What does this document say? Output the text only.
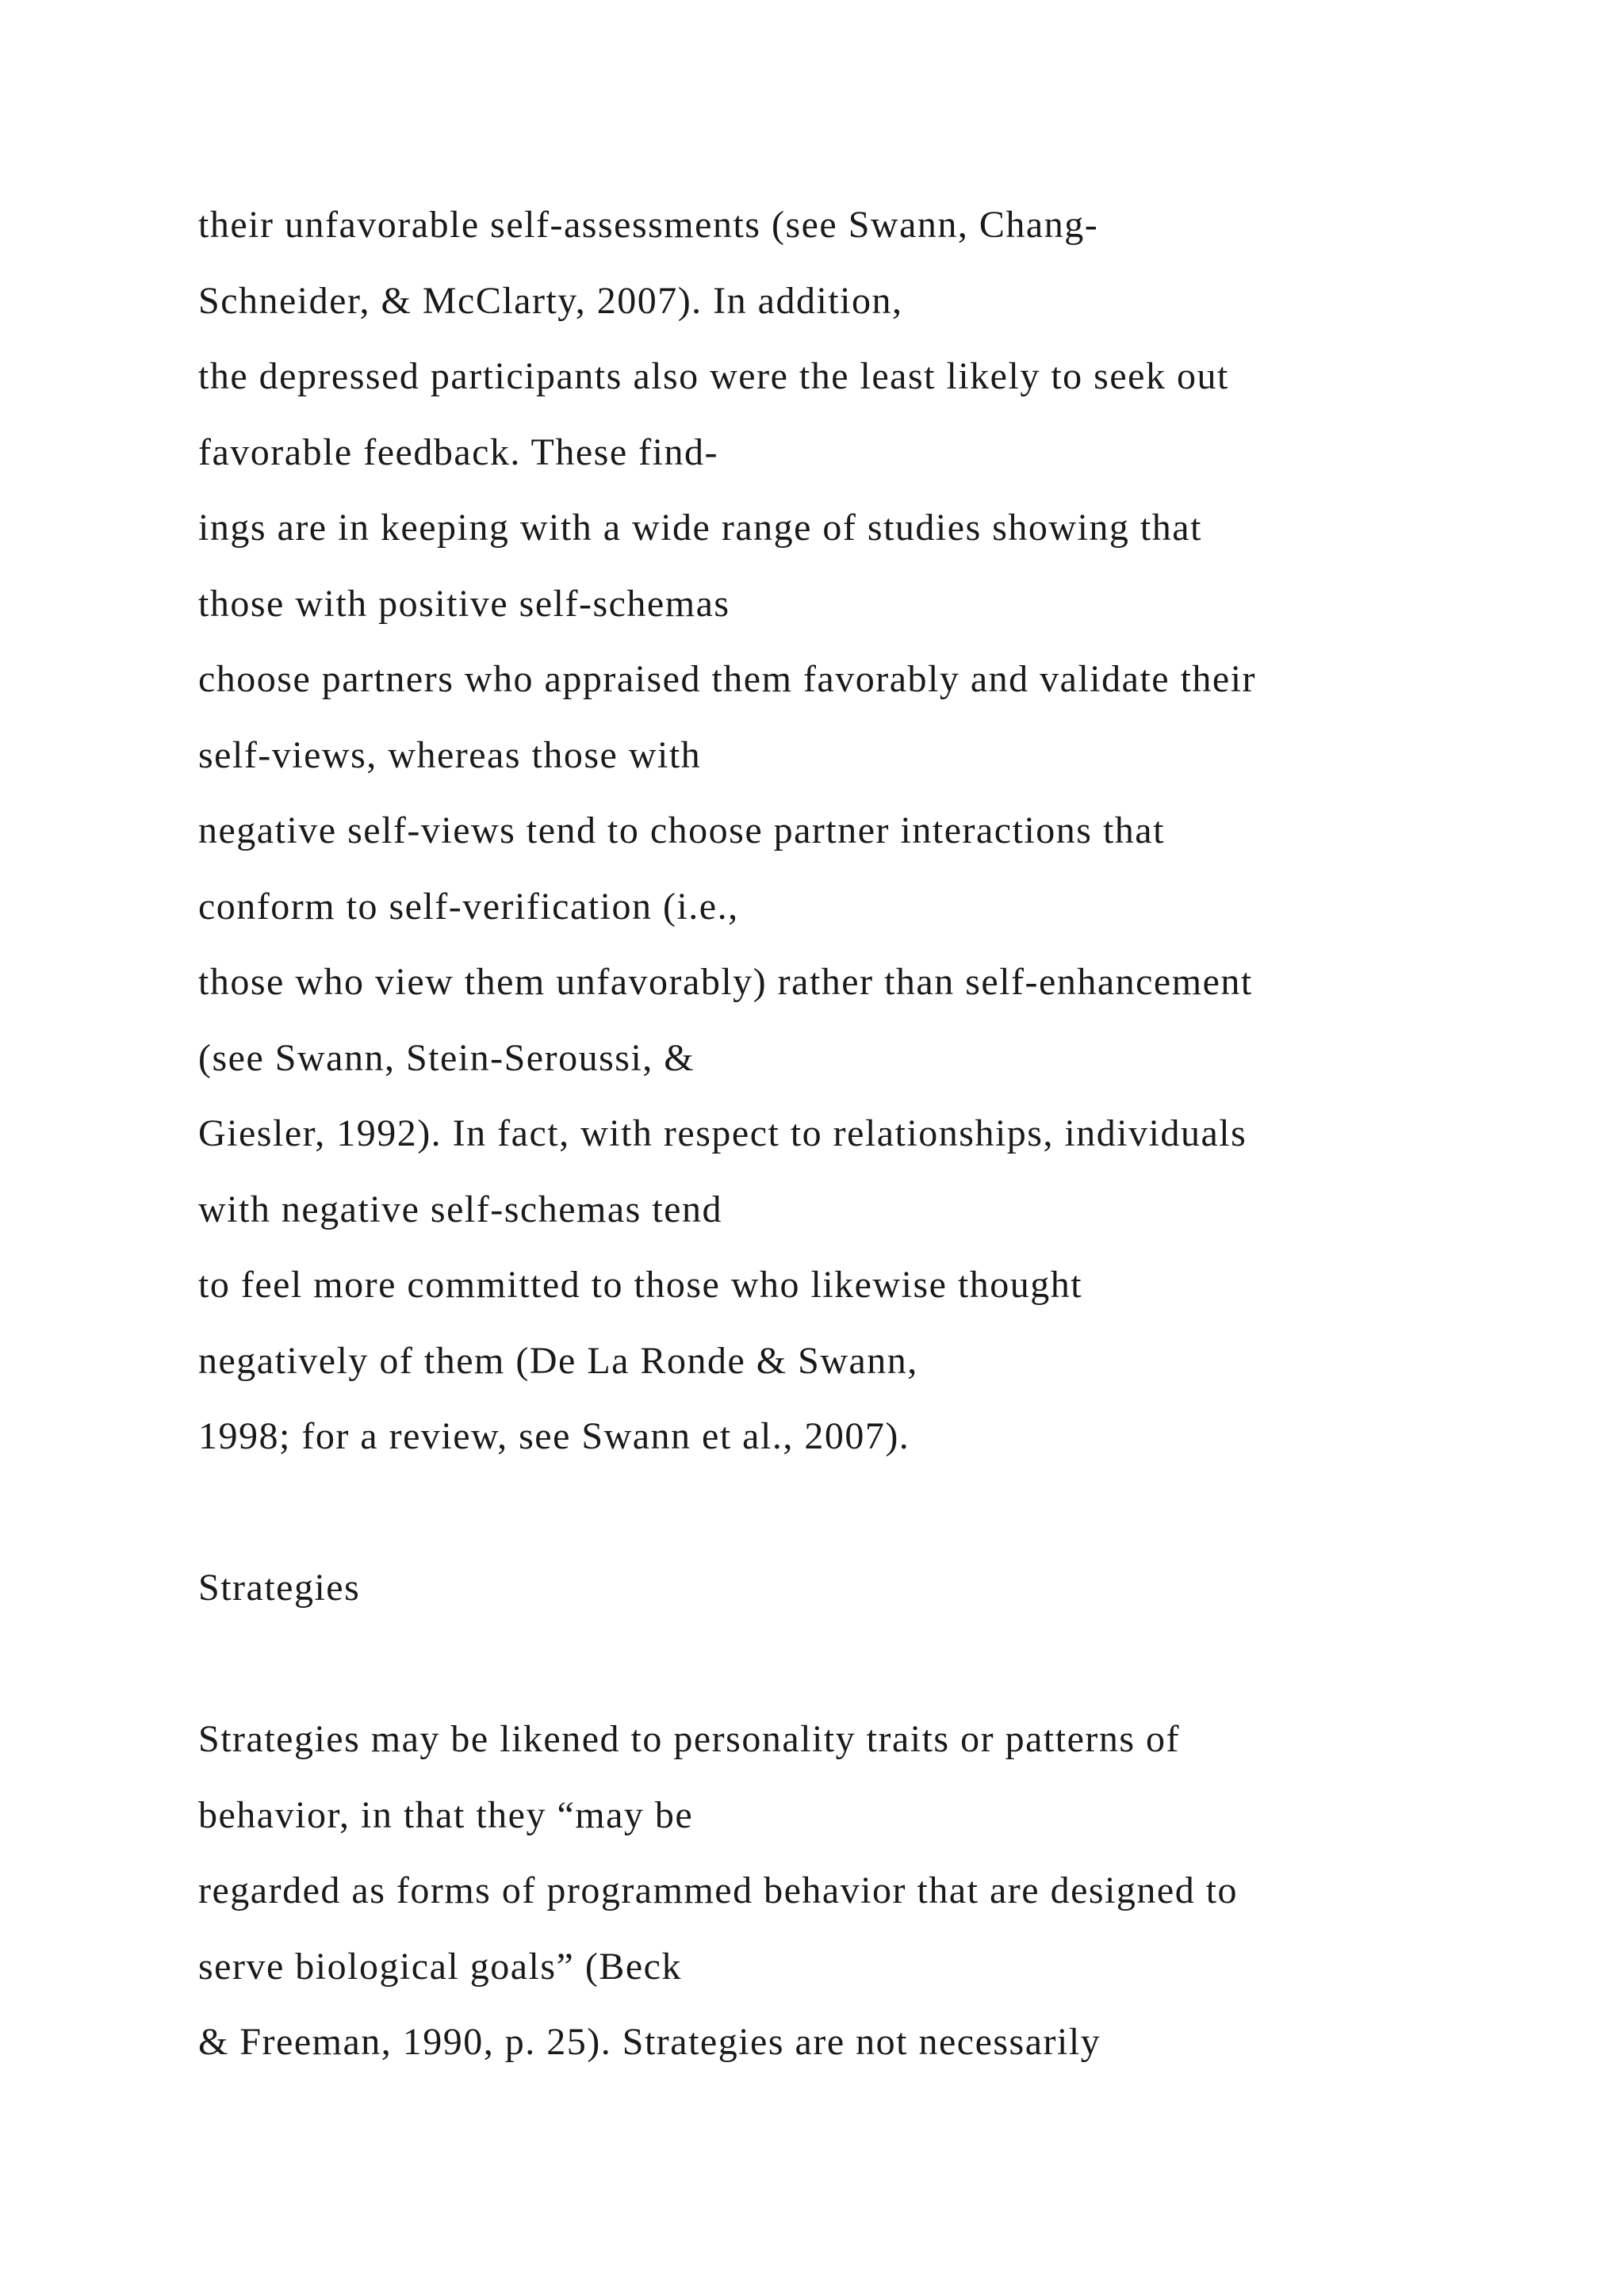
their unfavorable self-assessments (see Swann, Chang-
Schneider, & McClarty, 2007). In addition,
the depressed participants also were the least likely to seek out
favorable feedback. These find-
ings are in keeping with a wide range of studies showing that
those with positive self-schemas
choose partners who appraised them favorably and validate their
self-views, whereas those with
negative self-views tend to choose partner interactions that
conform to self-verification (i.e.,
those who view them unfavorably) rather than self-enhancement
(see Swann, Stein-Seroussi, &
Giesler, 1992). In fact, with respect to relationships, individuals
with negative self-schemas tend
to feel more committed to those who likewise thought
negatively of them (De La Ronde & Swann,
1998; for a review, see Swann et al., 2007).
Strategies
Strategies may be likened to personality traits or patterns of
behavior, in that they “may be
regarded as forms of programmed behavior that are designed to
serve biological goals” (Beck
& Freeman, 1990, p. 25). Strategies are not necessarily
